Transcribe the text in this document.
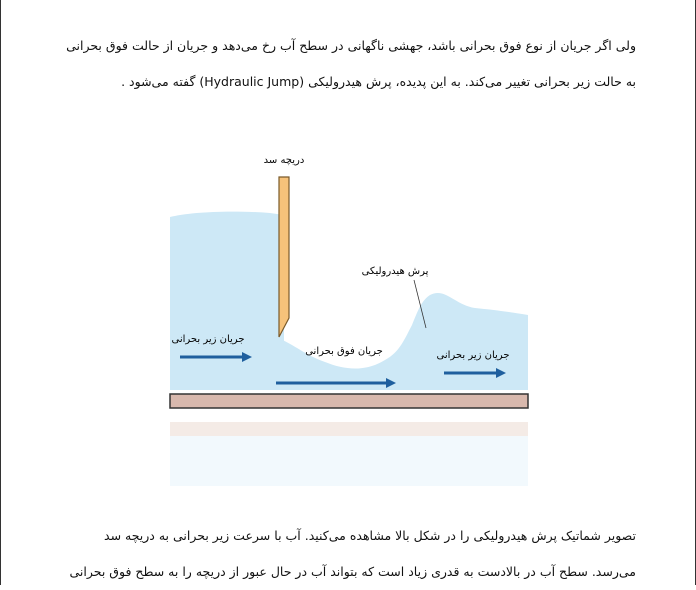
ولی اگر جریان از نوع فوق بحرانی باشد، جهشی ناگهانی در سطح آب رخ می‌دهد و جریان از حالت فوق بحرانی
به حالت زیر بحرانی تغییر می‌کند. به این پدیده، پرش هیدرولیکی (Hydraulic Jump) گفته می‌شود .
دریچه سد
پرش هیدرولیکی
جریان زیر بحرانی
جریان فوق بحرانی	جریان زیر بحرانی
تصویر شماتیک پرش هیدرولیکی را در شکل بالا مشاهده می‌کنید. آب با سرعت زیر بحرانی به دریچه سد
می‌رسد. سطح آب در بالادست به قدری زیاد است که بتواند آب در حال عبور از دریچه را به سطح فوق بحرانی
